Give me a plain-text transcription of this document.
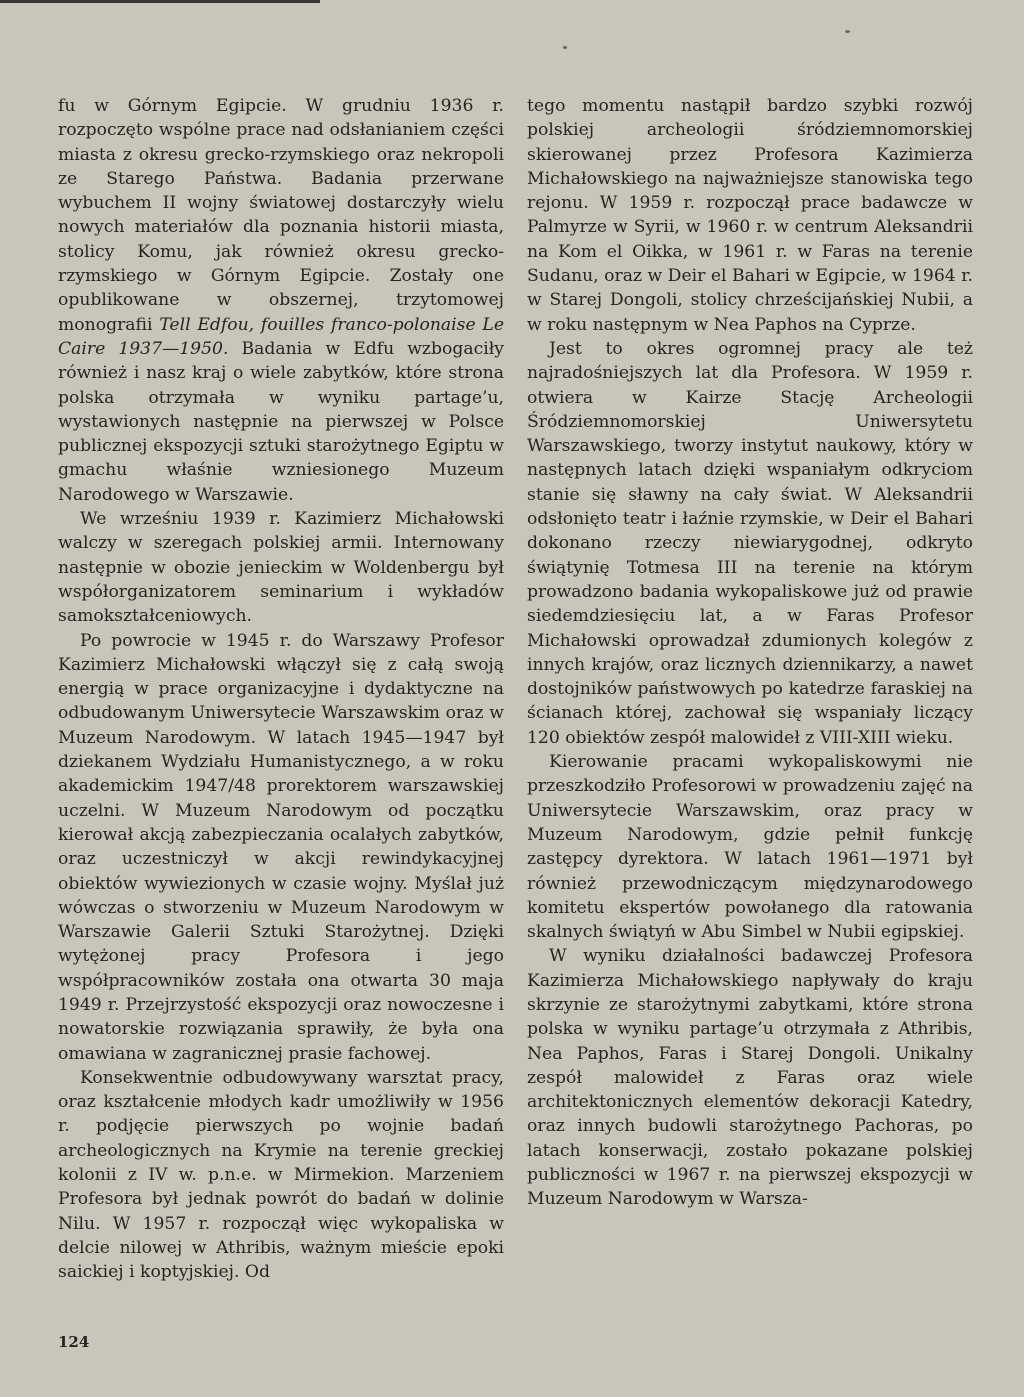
fu w Górnym Egipcie. W grudniu 1936 r. rozpoczęto wspólne prace nad odsłanianiem części miasta z okresu grecko-rzymskiego oraz nekropoli ze Starego Państwa. Badania przerwane wybuchem II wojny światowej dostarczyły wielu nowych materiałów dla poznania historii miasta, stolicy Komu, jak również okresu grecko-rzymskiego w Górnym Egipcie. Zostały one opublikowane w obszernej, trzytomowej monografii Tell Edfou, fouilles franco-polonaise Le Caire 1937—1950. Badania w Edfu wzbogaciły również i nasz kraj o wiele zabytków, które strona polska otrzymała w wyniku partage’u, wystawionych następnie na pierwszej w Polsce publicznej ekspozycji sztuki starożytnego Egiptu w gmachu właśnie wzniesionego Muzeum Narodowego w Warszawie.

We wrześniu 1939 r. Kazimierz Michałowski walczy w szeregach polskiej armii. Internowany następnie w obozie jenieckim w Woldenbergu był współorganizatorem seminarium i wykładów samokształceniowych.

Po powrocie w 1945 r. do Warszawy Profesor Kazimierz Michałowski włączył się z całą swoją energią w prace organizacyjne i dydaktyczne na odbudowanym Uniwersytecie Warszawskim oraz w Muzeum Narodowym. W latach 1945—1947 był dziekanem Wydziału Humanistycznego, a w roku akademickim 1947/48 prorektorem warszawskiej uczelni. W Muzeum Narodowym od początku kierował akcją zabezpieczania ocalałych zabytków, oraz uczestniczył w akcji rewindykacyjnej obiektów wywiezionych w czasie wojny. Myślał już wówczas o stworzeniu w Muzeum Narodowym w Warszawie Galerii Sztuki Starożytnej. Dzięki wytężonej pracy Profesora i jego współpracowników została ona otwarta 30 maja 1949 r. Przejrzystość ekspozycji oraz nowoczesne i nowatorskie rozwiązania sprawiły, że była ona omawiana w zagranicznej prasie fachowej.

Konsekwentnie odbudowywany warsztat pracy, oraz kształcenie młodych kadr umożliwiły w 1956 r. podjęcie pierwszych po wojnie badań archeologicznych na Krymie na terenie greckiej kolonii z IV w. p.n.e. w Mirmekion. Marzeniem Profesora był jednak powrót do badań w dolinie Nilu. W 1957 r. rozpoczął więc wykopaliska w delcie nilowej w Athribis, ważnym mieście epoki saickiej i koptyjskiej. Od

tego momentu nastąpił bardzo szybki rozwój polskiej archeologii śródziemnomorskiej skierowanej przez Profesora Kazimierza Michałowskiego na najważniejsze stanowiska tego rejonu. W 1959 r. rozpoczął prace badawcze w Palmyrze w Syrii, w 1960 r. w centrum Aleksandrii na Kom el Oikka, w 1961 r. w Faras na terenie Sudanu, oraz w Deir el Bahari w Egipcie, w 1964 r. w Starej Dongoli, stolicy chrześcijańskiej Nubii, a w roku następnym w Nea Paphos na Cyprze.

Jest to okres ogromnej pracy ale też najradośniejszych lat dla Profesora. W 1959 r. otwiera w Kairze Stację Archeologii Śródziemnomorskiej Uniwersytetu Warszawskiego, tworzy instytut naukowy, który w następnych latach dzięki wspaniałym odkryciom stanie się sławny na cały świat. W Aleksandrii odsłonięto teatr i łaźnie rzymskie, w Deir el Bahari dokonano rzeczy niewiarygodnej, odkryto świątynię Totmesa III na terenie na którym prowadzono badania wykopaliskowe już od prawie siedemdziesięciu lat, a w Faras Profesor Michałowski oprowadzał zdumionych kolegów z innych krajów, oraz licznych dziennikarzy, a nawet dostojników państwowych po katedrze faraskiej na ścianach której, zachował się wspaniały liczący 120 obiektów zespół malowideł z VIII-XIII wieku.

Kierowanie pracami wykopaliskowymi nie przeszkodziło Profesorowi w prowadzeniu zajęć na Uniwersytecie Warszawskim, oraz pracy w Muzeum Narodowym, gdzie pełnił funkcję zastępcy dyrektora. W latach 1961—1971 był również przewodniczącym międzynarodowego komitetu ekspertów powołanego dla ratowania skalnych świątyń w Abu Simbel w Nubii egipskiej.

W wyniku działalności badawczej Profesora Kazimierza Michałowskiego napływały do kraju skrzynie ze starożytnymi zabytkami, które strona polska w wyniku partage’u otrzymała z Athribis, Nea Paphos, Faras i Starej Dongoli. Unikalny zespół malowideł z Faras oraz wiele architektonicznych elementów dekoracji Katedry, oraz innych budowli starożytnego Pachoras, po latach konserwacji, zostało pokazane polskiej publiczności w 1967 r. na pierwszej ekspozycji w Muzeum Narodowym w Warsza-

124
